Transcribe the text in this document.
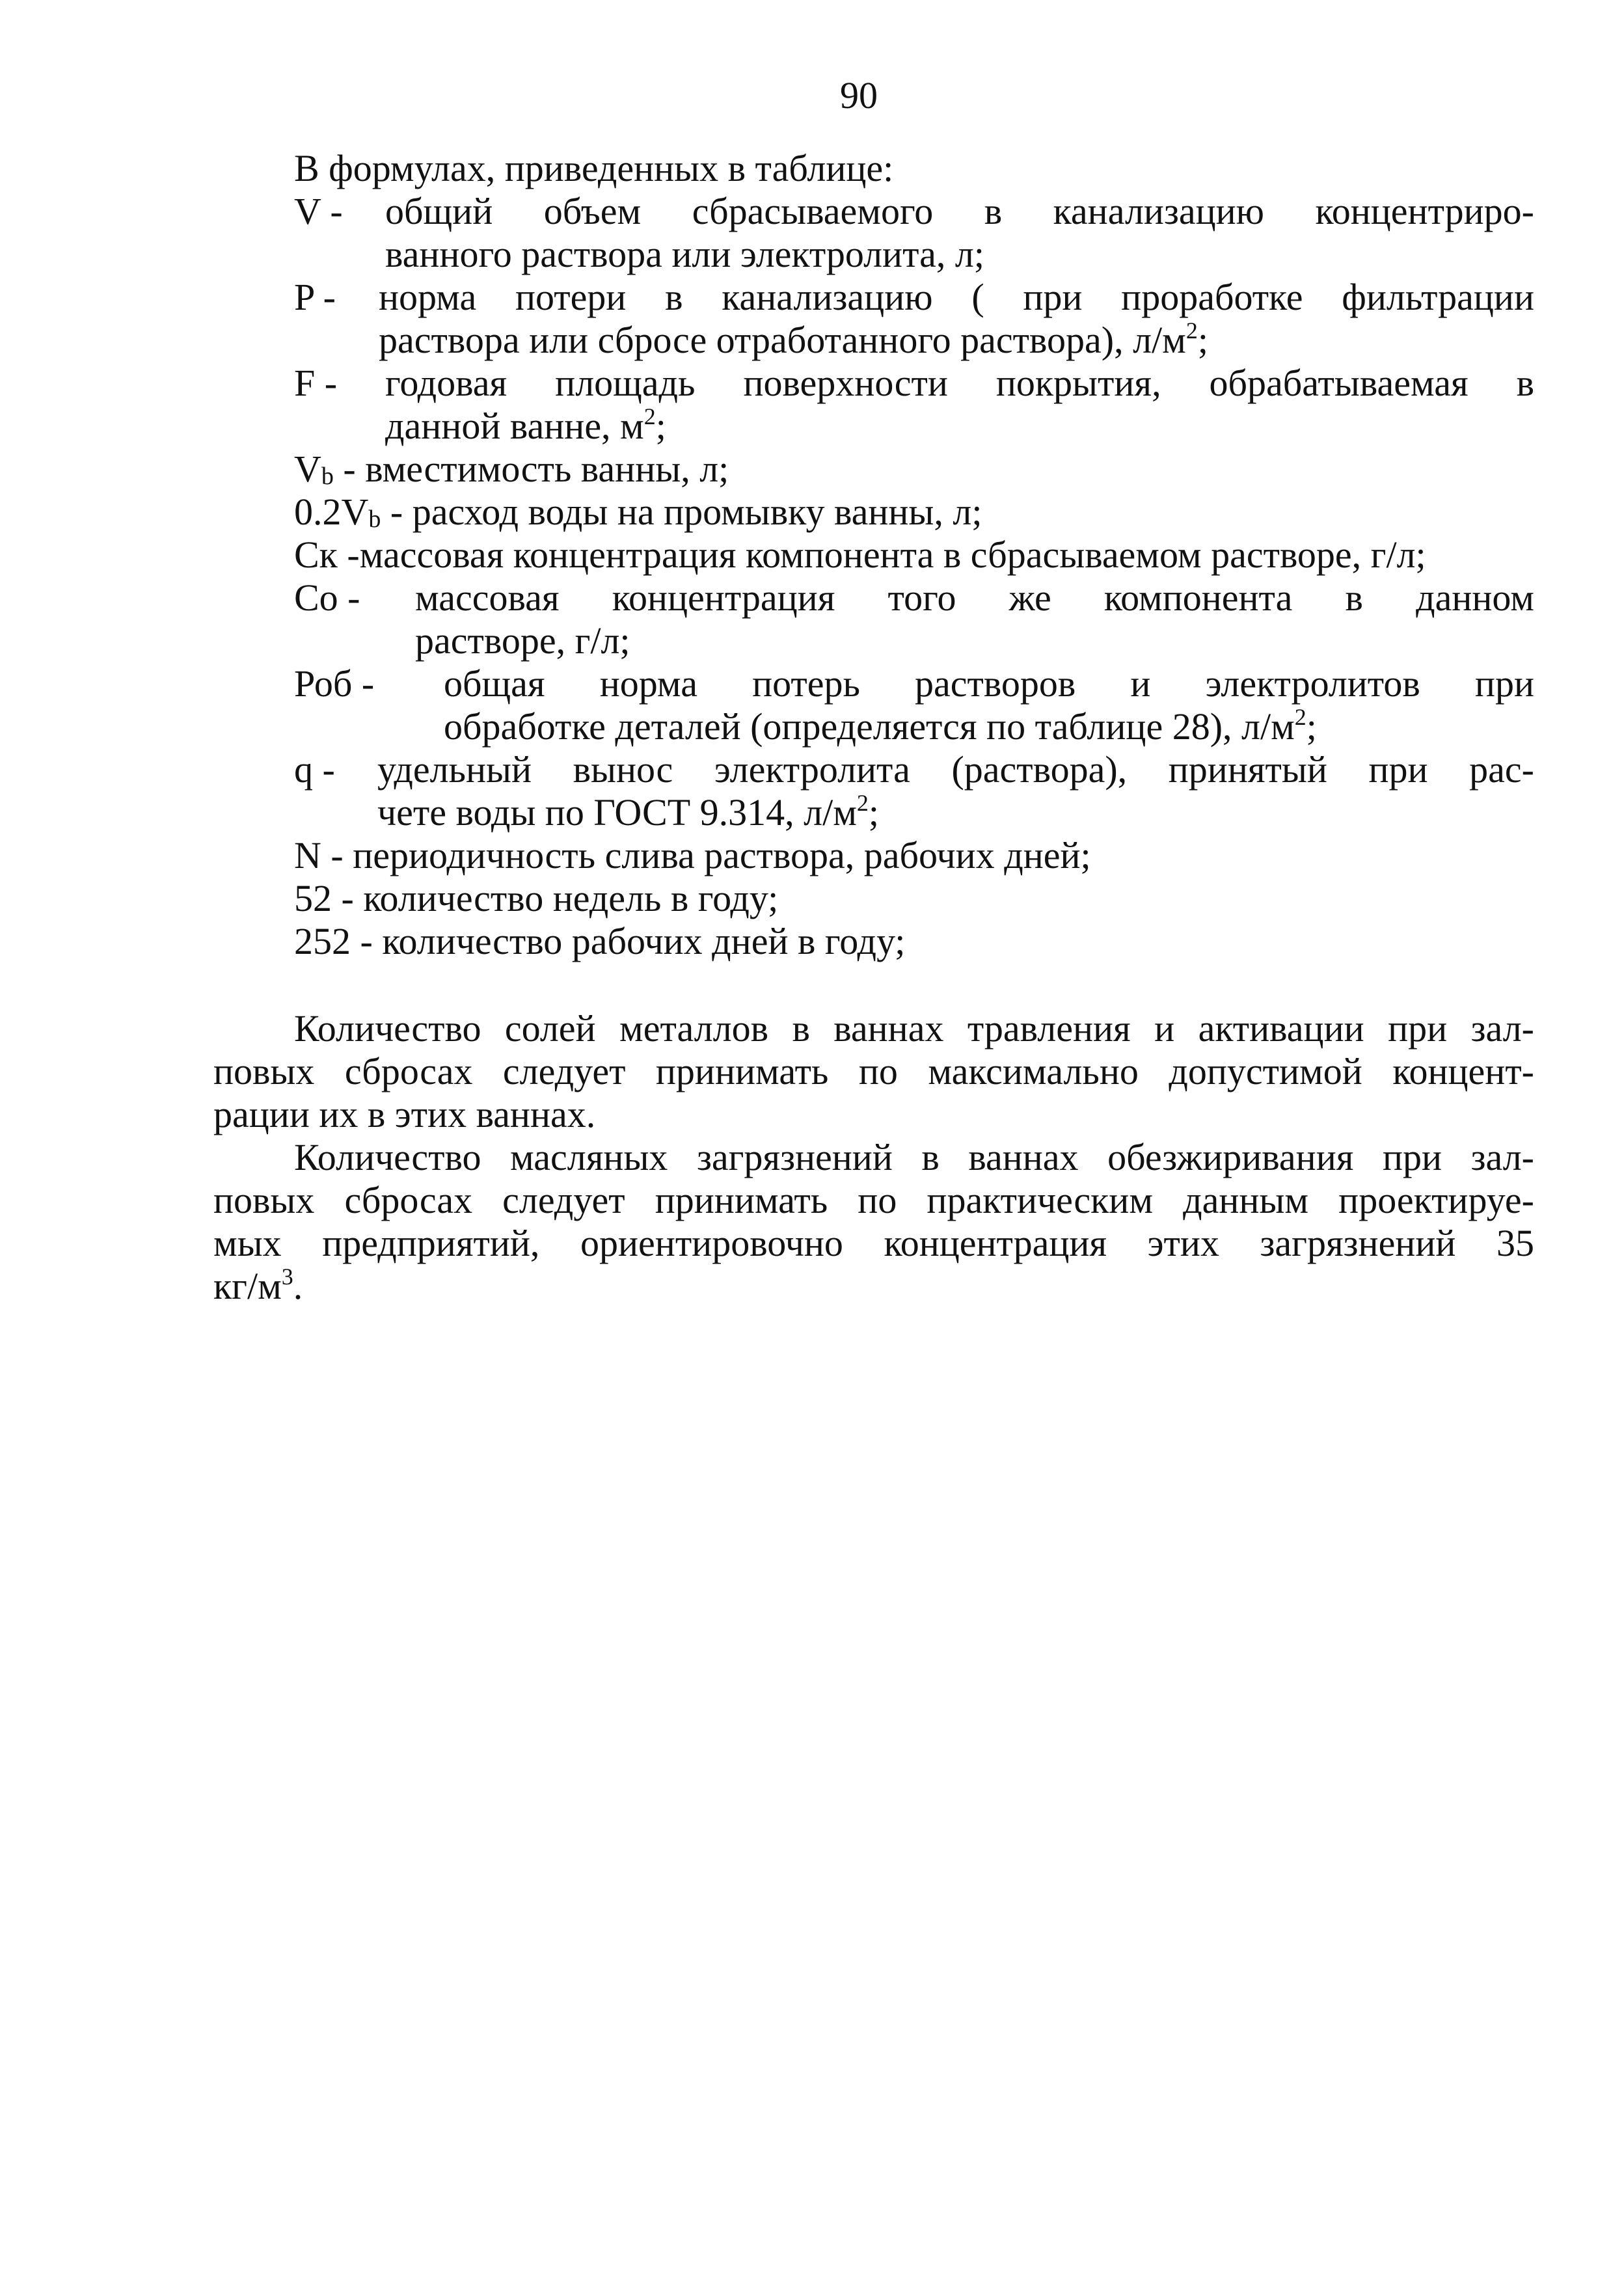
90
В формулах, приведенных в таблице:
V -	общий объем сбрасываемого в канализацию концентриро-
ванного раствора или электролита, л;
P -	норма потери в канализацию ( при проработке фильтрации
раствора или сбросе отработанного раствора), $л/м^2$;
F -	годовая площадь поверхности покрытия, обрабатываемая в
данной ванне, $м^2$;
$V_b$ - вместимость ванны, л;
$0.2V_b$ - расход воды на промывку ванны, л;
Ск -массовая концентрация компонента в сбрасываемом растворе, г/л;
Со -	массовая концентрация того же компонента в данном
растворе, г/л;
Роб -	общая норма потерь растворов и электролитов при
обработке деталей (определяется по таблице 28), $л/м^2$;
q -	удельный вынос электролита (раствора), принятый при рас-
чете воды по ГОСТ 9.314, $л/м^2$;
N - периодичность слива раствора, рабочих дней;
52 - количество недель в году;
252 - количество рабочих дней в году;
Количество солей металлов в ваннах травления и активации при зал-
повых сбросах следует принимать по максимально допустимой концент-
рации их в этих ваннах.
Количество масляных загрязнений в ваннах обезжиривания при зал-
повых сбросах следует принимать по практическим данным проектируе-
мых предприятий, ориентировочно концентрация этих загрязнений 35
$кг/м^3$.
